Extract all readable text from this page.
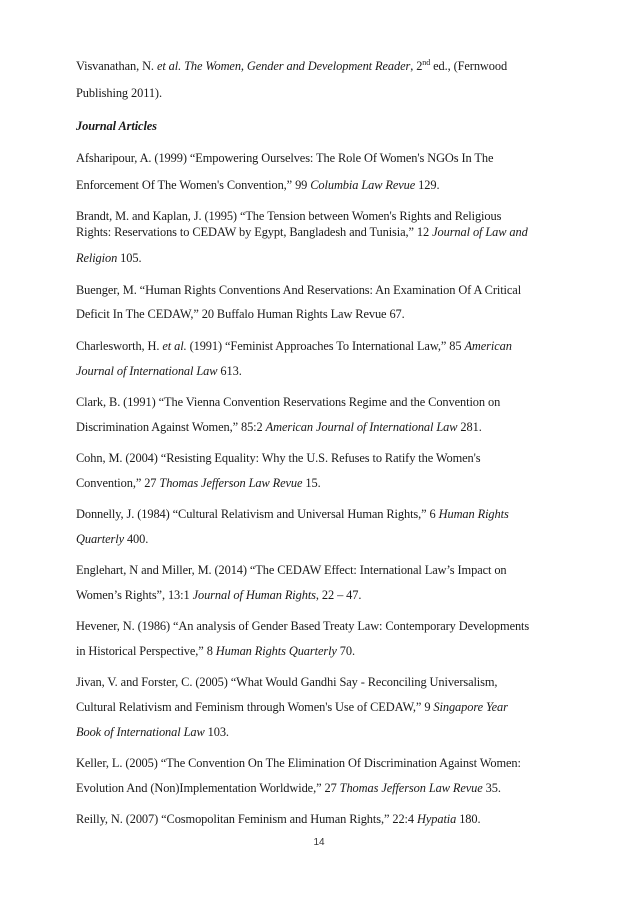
Visvanathan, N. et al. The Women, Gender and Development Reader, 2nd ed., (Fernwood
Publishing 2011).
Journal Articles
Afsharipour, A. (1999) “Empowering Ourselves: The Role Of Women's NGOs In The
Enforcement Of The Women's Convention,” 99 Columbia Law Revue 129.
Brandt, M. and Kaplan, J. (1995) “The Tension between Women's Rights and Religious
Rights: Reservations to CEDAW by Egypt, Bangladesh and Tunisia,” 12 Journal of Law and
Religion 105.
Buenger, M. “Human Rights Conventions And Reservations: An Examination Of A Critical
Deficit In The CEDAW,” 20 Buffalo Human Rights Law Revue 67.
Charlesworth, H. et al. (1991) “Feminist Approaches To International Law,” 85 American
Journal of International Law 613.
Clark, B. (1991) “The Vienna Convention Reservations Regime and the Convention on
Discrimination Against Women,” 85:2 American Journal of International Law 281.
Cohn, M. (2004) “Resisting Equality: Why the U.S. Refuses to Ratify the Women's
Convention,” 27 Thomas Jefferson Law Revue 15.
Donnelly, J. (1984) “Cultural Relativism and Universal Human Rights,” 6 Human Rights
Quarterly 400.
Englehart, N and Miller, M. (2014) “The CEDAW Effect: International Law’s Impact on
Women’s Rights”, 13:1 Journal of Human Rights, 22 – 47.
Hevener, N. (1986) “An analysis of Gender Based Treaty Law: Contemporary Developments
in Historical Perspective,” 8 Human Rights Quarterly 70.
Jivan, V. and Forster, C. (2005) “What Would Gandhi Say - Reconciling Universalism,
Cultural Relativism and Feminism through Women's Use of CEDAW,” 9 Singapore Year
Book of International Law 103.
Keller, L. (2005) “The Convention On The Elimination Of Discrimination Against Women:
Evolution And (Non)Implementation Worldwide,” 27 Thomas Jefferson Law Revue 35.
Reilly, N. (2007) “Cosmopolitan Feminism and Human Rights,” 22:4 Hypatia 180.
14
